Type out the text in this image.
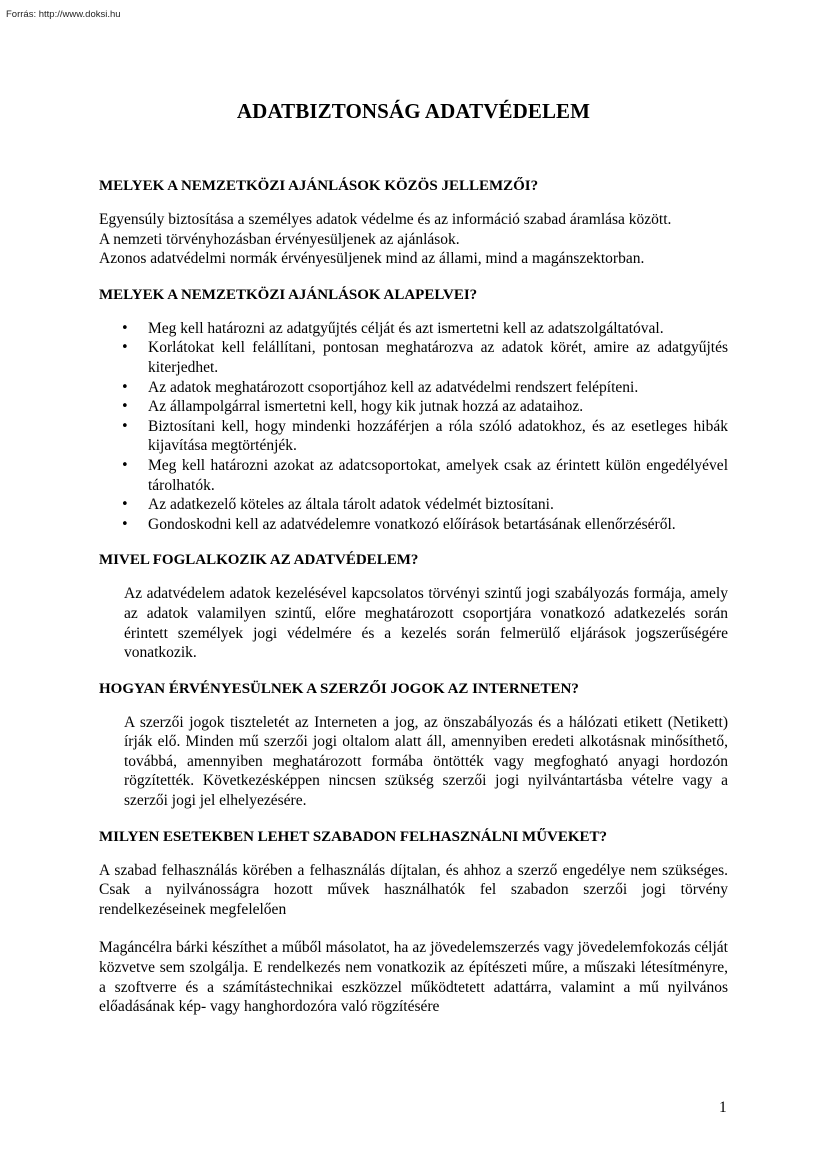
Forrás: http://www.doksi.hu
ADATBIZTONSÁG ADATVÉDELEM
MELYEK A NEMZETKÖZI AJÁNLÁSOK KÖZÖS JELLEMZŐI?

Egyensúly biztosítása a személyes adatok védelme és az információ szabad áramlása között.

A nemzeti törvényhozásban érvényesüljenek az ajánlások.

Azonos adatvédelmi normák érvényesüljenek mind az állami, mind a magánszektorban.

MELYEK A NEMZETKÖZI AJÁNLÁSOK ALAPELVEI?
• Meg kell határozni az adatgyűjtés célját és azt ismertetni kell az adatszolgáltatóval.
• Korlátokat kell felállítani, pontosan meghatározva az adatok körét, amire az adatgyűjtés kiterjedhet.
• Az adatok meghatározott csoportjához kell az adatvédelmi rendszert felépíteni.
• Az állampolgárral ismertetni kell, hogy kik jutnak hozzá az adataihoz.
• Biztosítani kell, hogy mindenki hozzáférjen a róla szóló adatokhoz, és az esetleges hibák kijavítása megtörténjék.
• Meg kell határozni azokat az adatcsoportokat, amelyek csak az érintett külön engedélyével tárolhatók.
• Az adatkezelő köteles az általa tárolt adatok védelmét biztosítani.
• Gondoskodni kell az adatvédelemre vonatkozó előírások betartásának ellenőrzéséről.
MIVEL FOGLALKOZIK AZ ADATVÉDELEM?

Az adatvédelem adatok kezelésével kapcsolatos törvényi szintű jogi szabályozás formája, amely az adatok valamilyen szintű, előre meghatározott csoportjára vonatkozó adatkezelés során érintett személyek jogi védelmére és a kezelés során felmerülő eljárások jogszerűségére vonatkozik.

HOGYAN ÉRVÉNYESÜLNEK A SZERZŐI JOGOK AZ INTERNETEN?

A szerzői jogok tiszteletét az Interneten a jog, az önszabályozás és a hálózati etikett (Netikett) írják elő. Minden mű szerzői jogi oltalom alatt áll, amennyiben eredeti alkotásnak minősíthető, továbbá, amennyiben meghatározott formába öntötték vagy megfogható anyagi hordozón rögzítették. Következésképpen nincsen szükség szerzői jogi nyilvántartásba vételre vagy a szerzői jogi jel elhelyezésére.

MILYEN ESETEKBEN LEHET SZABADON FELHASZNÁLNI MŰVEKET?

A szabad felhasználás körében a felhasználás díjtalan, és ahhoz a szerző engedélye nem szükséges. Csak a nyilvánosságra hozott művek használhatók fel szabadon szerzői jogi törvény rendelkezéseinek megfelelően

Magáncélra bárki készíthet a műből másolatot, ha az jövedelemszerzés vagy jövedelemfokozás célját közvetve sem szolgálja. E rendelkezés nem vonatkozik az építészeti műre, a műszaki létesítményre, a szoftverre és a számítástechnikai eszközzel működtetett adattárra, valamint a mű nyilvános előadásának kép- vagy hanghordozóra való rögzítésére

1
